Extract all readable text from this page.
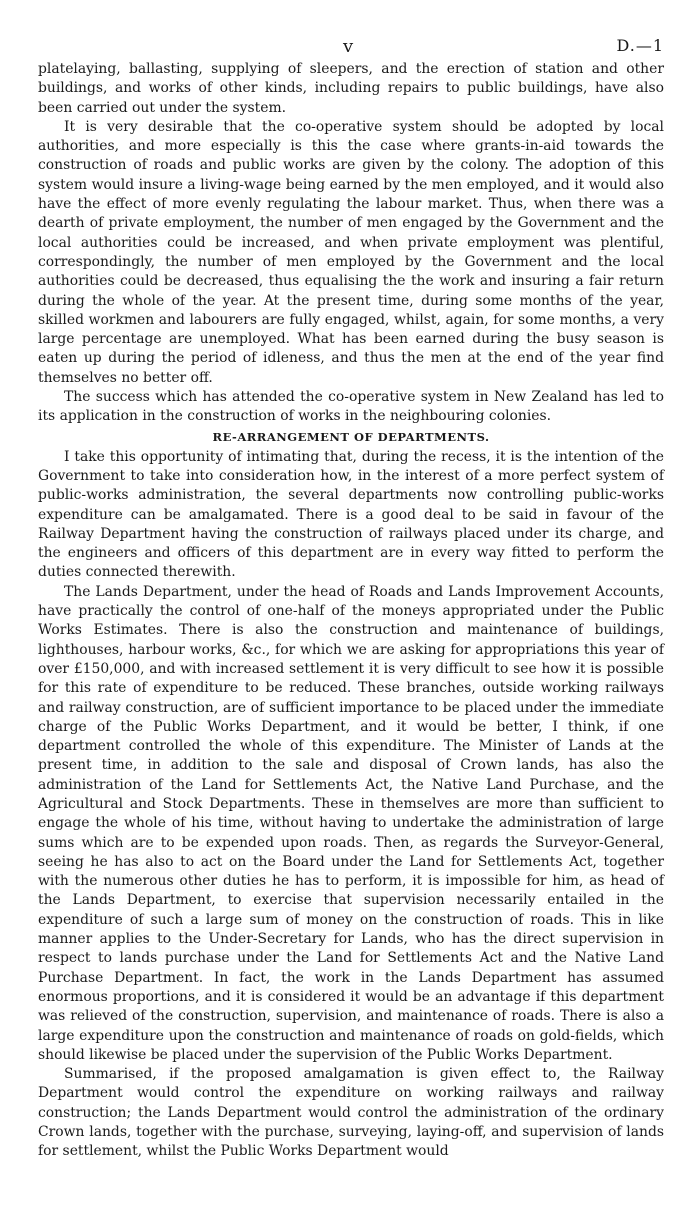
v	D.—1

platelaying, ballasting, supplying of sleepers, and the erection of station and other buildings, and works of other kinds, including repairs to public buildings, have also been carried out under the system.

It is very desirable that the co-operative system should be adopted by local authorities, and more especially is this the case where grants-in-aid towards the construction of roads and public works are given by the colony. The adoption of this system would insure a living-wage being earned by the men employed, and it would also have the effect of more evenly regulating the labour market. Thus, when there was a dearth of private employment, the number of men engaged by the Government and the local authorities could be increased, and when private employment was plentiful, correspondingly, the number of men employed by the Government and the local authorities could be decreased, thus equalising the the work and insuring a fair return during the whole of the year. At the present time, during some months of the year, skilled workmen and labourers are fully engaged, whilst, again, for some months, a very large percentage are unemployed. What has been earned during the busy season is eaten up during the period of idleness, and thus the men at the end of the year find themselves no better off.

The success which has attended the co-operative system in New Zealand has led to its application in the construction of works in the neighbouring colonies.

RE-ARRANGEMENT OF DEPARTMENTS.

I take this opportunity of intimating that, during the recess, it is the intention of the Government to take into consideration how, in the interest of a more perfect system of public-works administration, the several departments now controlling public-works expenditure can be amalgamated. There is a good deal to be said in favour of the Railway Department having the construction of railways placed under its charge, and the engineers and officers of this department are in every way fitted to perform the duties connected therewith.

The Lands Department, under the head of Roads and Lands Improvement Accounts, have practically the control of one-half of the moneys appropriated under the Public Works Estimates. There is also the construction and maintenance of buildings, lighthouses, harbour works, &c., for which we are asking for appropriations this year of over £150,000, and with increased settlement it is very difficult to see how it is possible for this rate of expenditure to be reduced. These branches, outside working railways and railway construction, are of sufficient importance to be placed under the immediate charge of the Public Works Department, and it would be better, I think, if one department controlled the whole of this expenditure. The Minister of Lands at the present time, in addition to the sale and disposal of Crown lands, has also the administration of the Land for Settlements Act, the Native Land Purchase, and the Agricultural and Stock Departments. These in themselves are more than sufficient to engage the whole of his time, without having to undertake the administration of large sums which are to be expended upon roads. Then, as regards the Surveyor-General, seeing he has also to act on the Board under the Land for Settlements Act, together with the numerous other duties he has to perform, it is impossible for him, as head of the Lands Department, to exercise that supervision necessarily entailed in the expenditure of such a large sum of money on the construction of roads. This in like manner applies to the Under-Secretary for Lands, who has the direct supervision in respect to lands purchase under the Land for Settlements Act and the Native Land Purchase Department. In fact, the work in the Lands Department has assumed enormous proportions, and it is considered it would be an advantage if this department was relieved of the construction, supervision, and maintenance of roads. There is also a large expenditure upon the construction and maintenance of roads on gold-fields, which should likewise be placed under the supervision of the Public Works Department.

Summarised, if the proposed amalgamation is given effect to, the Railway Department would control the expenditure on working railways and railway construction; the Lands Department would control the administration of the ordinary Crown lands, together with the purchase, surveying, laying-off, and supervision of lands for settlement, whilst the Public Works Department would
